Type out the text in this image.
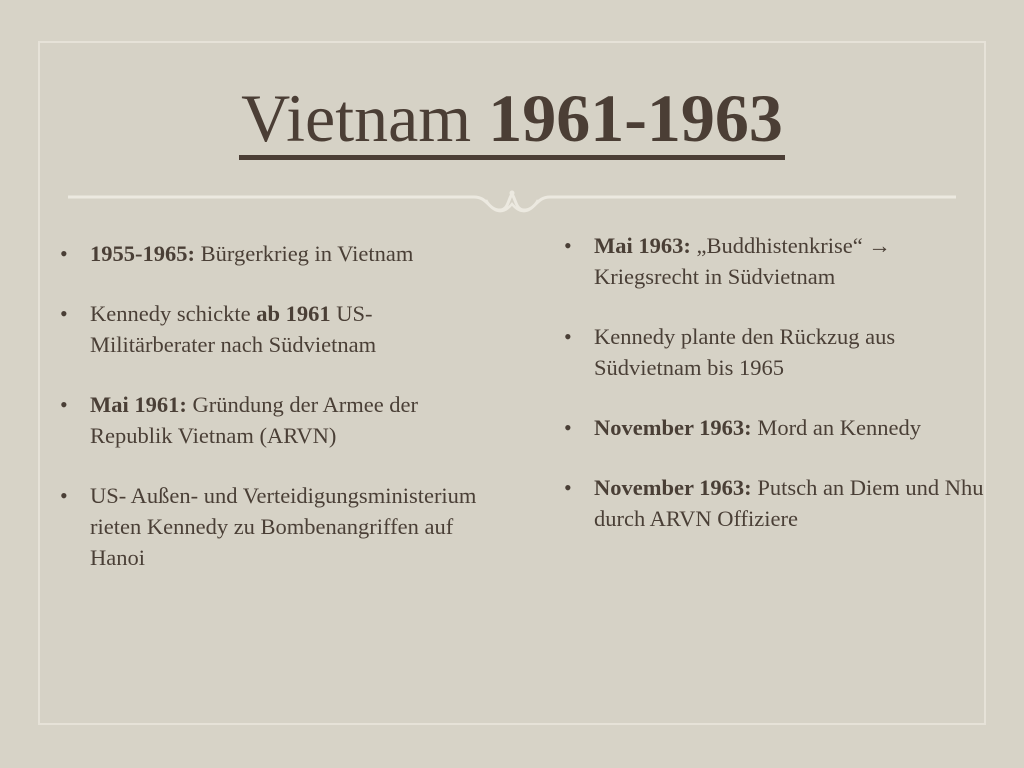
Vietnam 1961-1963
• 1955-1965: Bürgerkrieg in Vietnam
• Kennedy schickte ab 1961 US-Militärberater nach Südvietnam
• Mai 1961: Gründung der Armee der Republik Vietnam (ARVN)
• US- Außen- und Verteidigungsministerium rieten Kennedy zu Bombenangriffen auf Hanoi
• Mai 1963: „Buddhistenkrise“ → Kriegsrecht in Südvietnam
• Kennedy plante den Rückzug aus Südvietnam bis 1965
• November 1963: Mord an Kennedy
• November 1963: Putsch an Diem und Nhu durch ARVN Offiziere
